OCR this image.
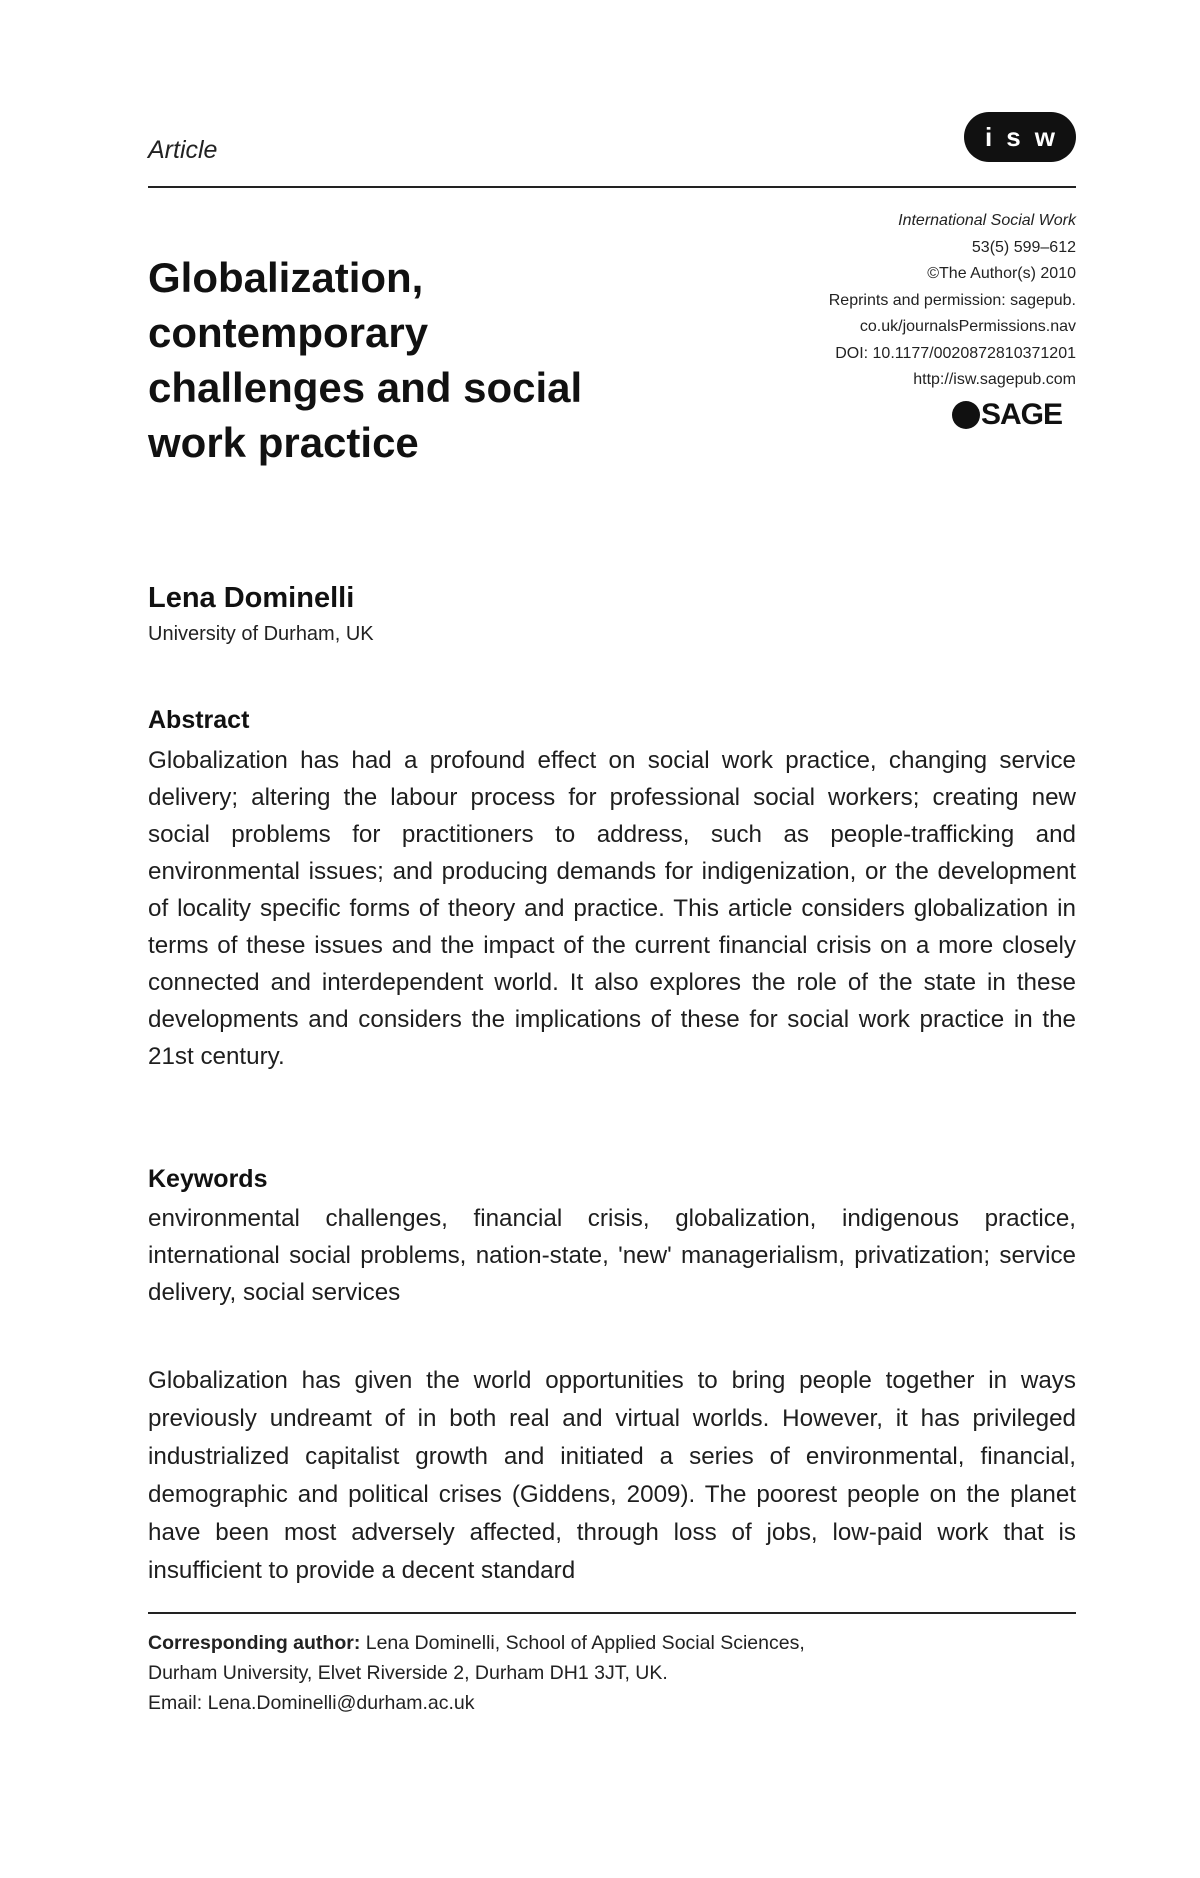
Article	i s w
Globalization,
contemporary
challenges and social
work practice
International Social Work
53(5) 599–612
©The Author(s) 2010
Reprints and permission: sagepub.
co.uk/journalsPermissions.nav
DOI: 10.1177/0020872810371201
http://isw.sagepub.com
SAGE
Lena Dominelli
University of Durham, UK
Abstract

Globalization has had a profound effect on social work practice, changing service delivery; altering the labour process for professional social workers; creating new social problems for practitioners to address, such as people-trafficking and environmental issues; and producing demands for indigenization, or the development of locality specific forms of theory and practice. This article considers globalization in terms of these issues and the impact of the current financial crisis on a more closely connected and interdependent world. It also explores the role of the state in these developments and considers the implications of these for social work practice in the 21st century.

Keywords

environmental challenges, financial crisis, globalization, indigenous practice, international social problems, nation-state, 'new' managerialism, privatization; service delivery, social services

Globalization has given the world opportunities to bring people together in ways previously undreamt of in both real and virtual worlds. However, it has privileged industrialized capitalist growth and initiated a series of environmental, financial, demographic and political crises (Giddens, 2009). The poorest people on the planet have been most adversely affected, through loss of jobs, low-paid work that is insufficient to provide a decent standard

Corresponding author: Lena Dominelli, School of Applied Social Sciences,
Durham University, Elvet Riverside 2, Durham DH1 3JT, UK.
Email: Lena.Dominelli@durham.ac.uk
